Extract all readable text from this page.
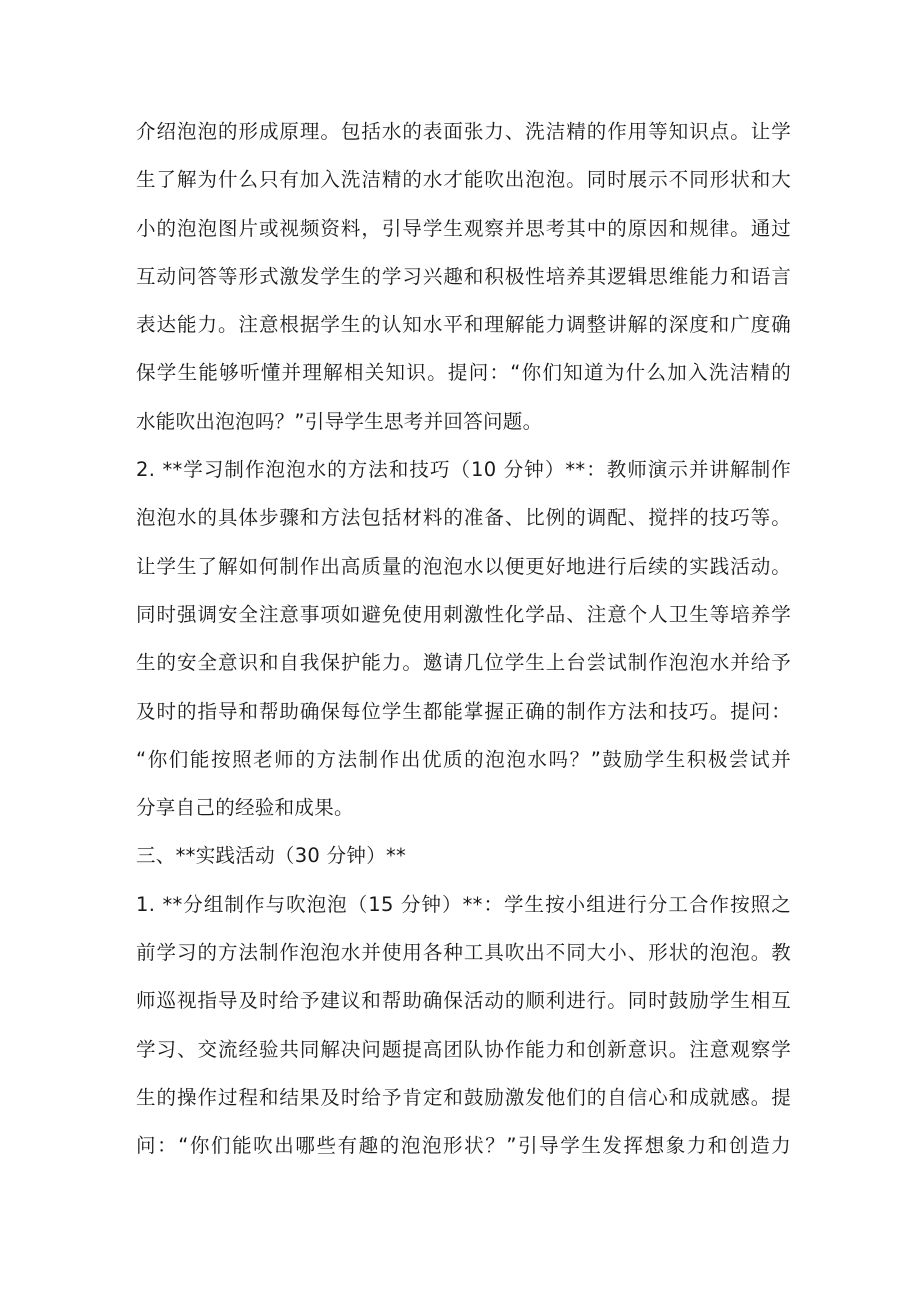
介绍泡泡的形成原理。包括水的表面张力、洗洁精的作用等知识点。让学
生了解为什么只有加入洗洁精的水才能吹出泡泡。同时展示不同形状和大
小的泡泡图片或视频资料，引导学生观察并思考其中的原因和规律。通过
互动问答等形式激发学生的学习兴趣和积极性培养其逻辑思维能力和语言
表达能力。注意根据学生的认知水平和理解能力调整讲解的深度和广度确
保学生能够听懂并理解相关知识。提问：“你们知道为什么加入洗洁精的
水能吹出泡泡吗？”引导学生思考并回答问题。
2. **学习制作泡泡水的方法和技巧（10 分钟）**：教师演示并讲解制作
泡泡水的具体步骤和方法包括材料的准备、比例的调配、搅拌的技巧等。
让学生了解如何制作出高质量的泡泡水以便更好地进行后续的实践活动。
同时强调安全注意事项如避免使用刺激性化学品、注意个人卫生等培养学
生的安全意识和自我保护能力。邀请几位学生上台尝试制作泡泡水并给予
及时的指导和帮助确保每位学生都能掌握正确的制作方法和技巧。提问：
“你们能按照老师的方法制作出优质的泡泡水吗？”鼓励学生积极尝试并
分享自己的经验和成果。
三、**实践活动（30 分钟）**
1. **分组制作与吹泡泡（15 分钟）**：学生按小组进行分工合作按照之
前学习的方法制作泡泡水并使用各种工具吹出不同大小、形状的泡泡。教
师巡视指导及时给予建议和帮助确保活动的顺利进行。同时鼓励学生相互
学习、交流经验共同解决问题提高团队协作能力和创新意识。注意观察学
生的操作过程和结果及时给予肯定和鼓励激发他们的自信心和成就感。提
问：“你们能吹出哪些有趣的泡泡形状？”引导学生发挥想象力和创造力
